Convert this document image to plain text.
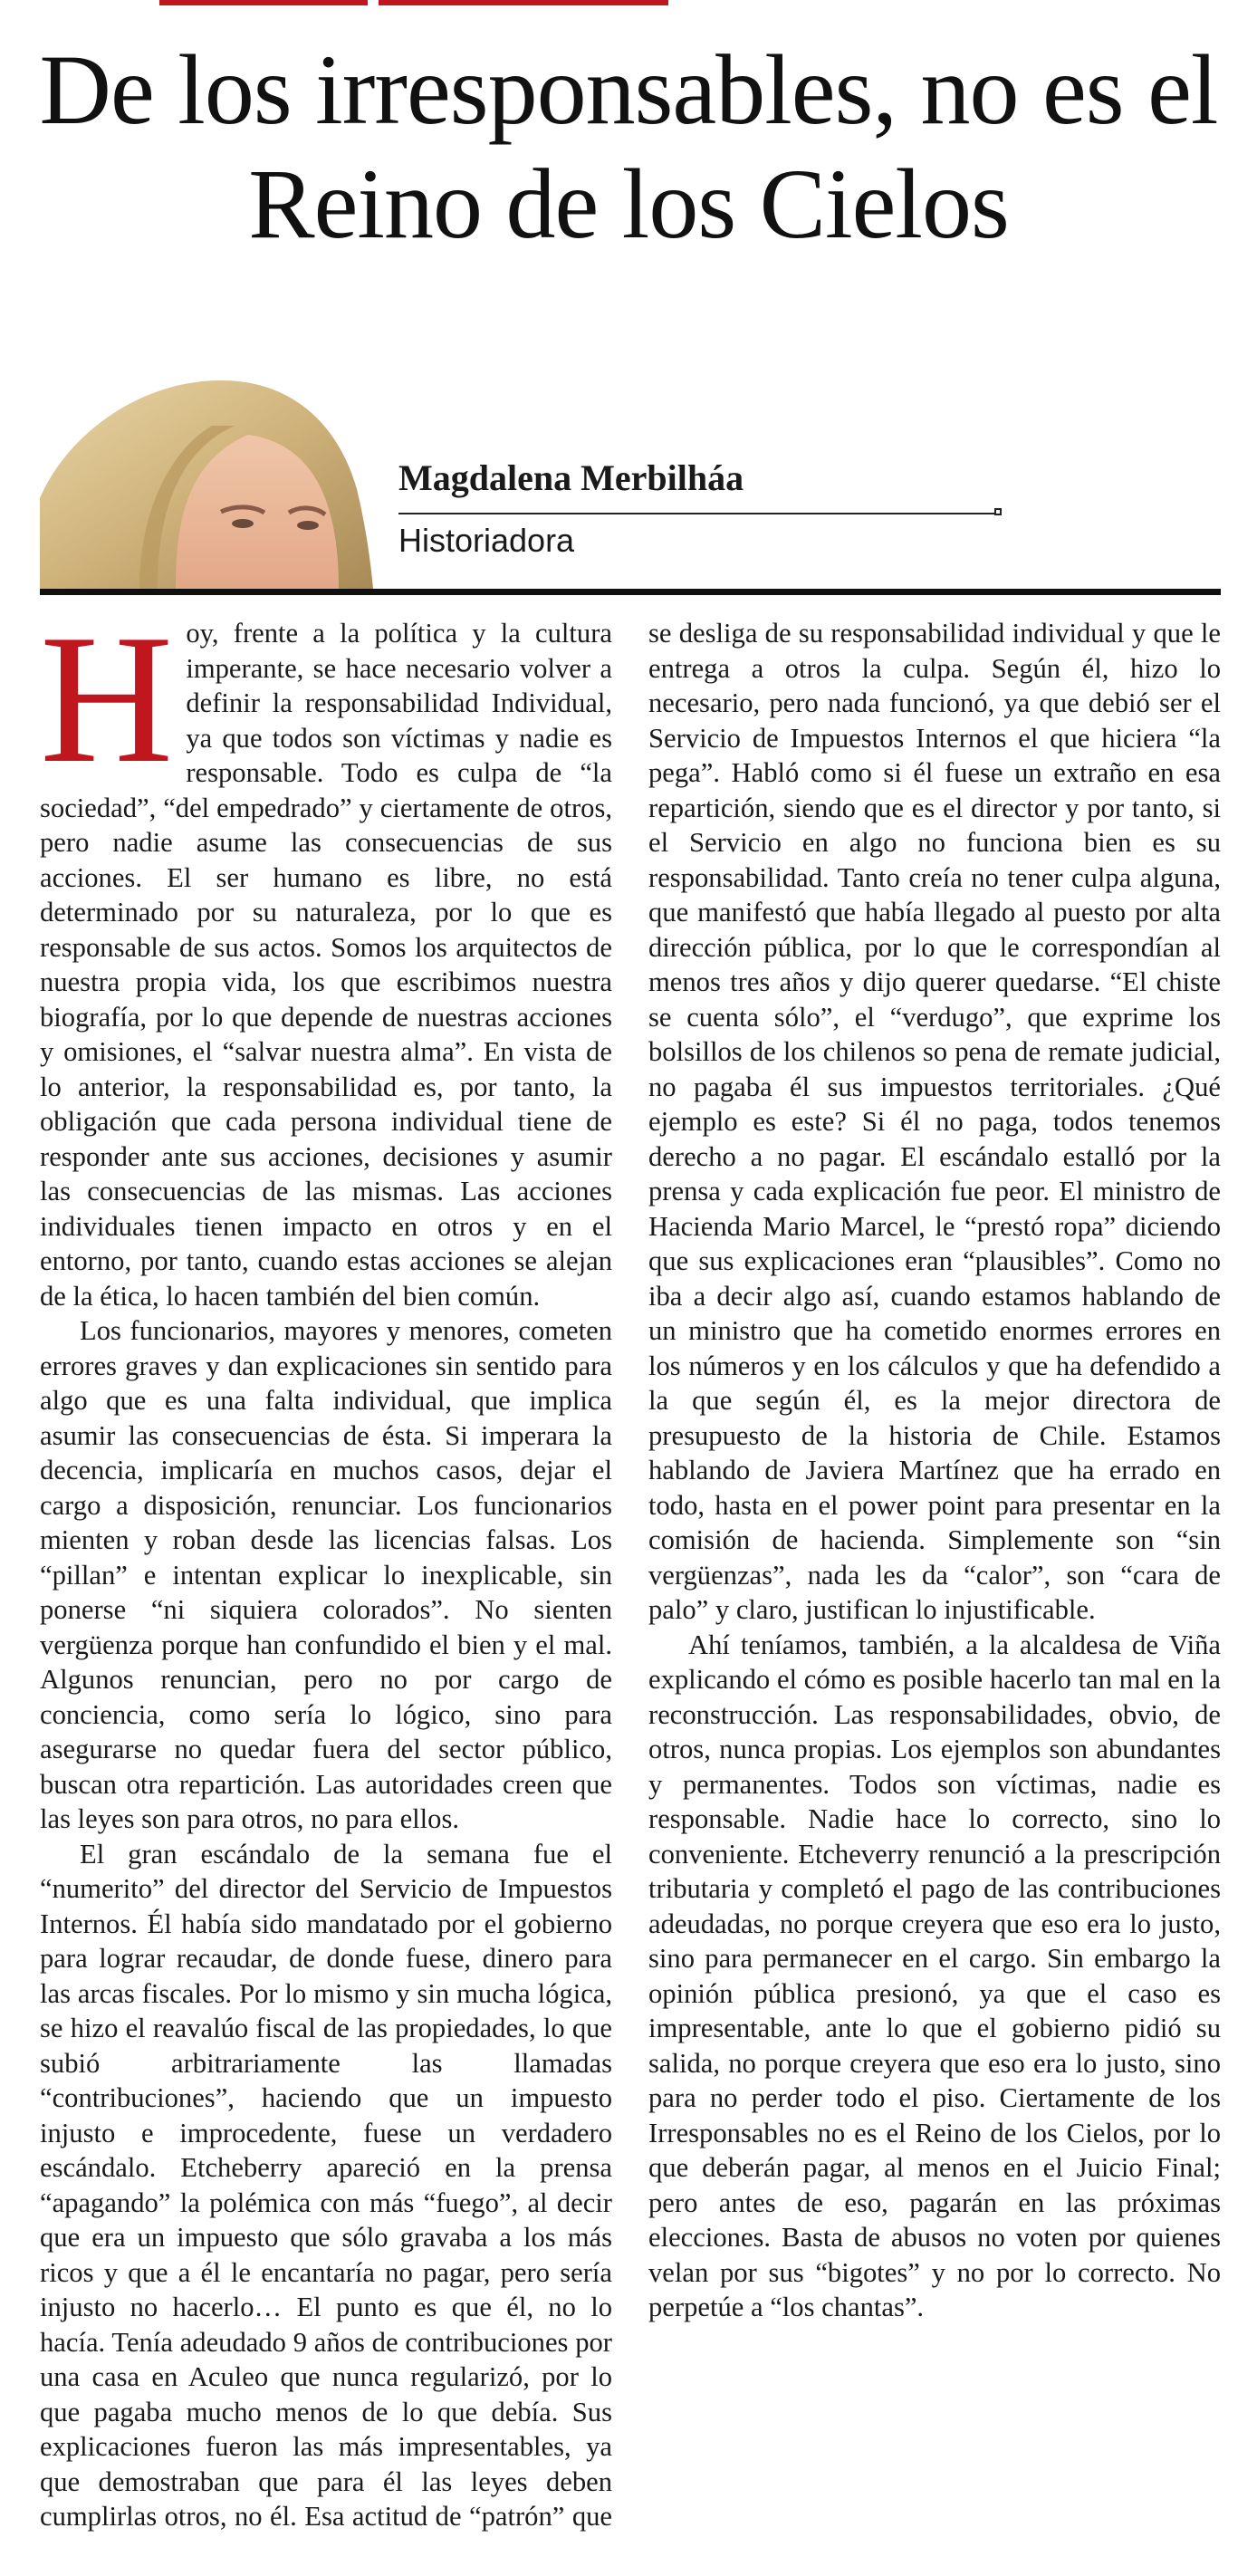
De los irresponsables, no es el Reino de los Cielos
Magdalena Merbilháa
Historiadora

Hoy, frente a la política y la cultura imperante, se hace necesario volver a definir la responsabilidad Individual, ya que todos son víctimas y nadie es responsable. Todo es culpa de “la sociedad”, “del empedrado” y ciertamente de otros, pero nadie asume las consecuencias de sus acciones. El ser humano es libre, no está determinado por su naturaleza, por lo que es responsable de sus actos. Somos los arquitectos de nuestra propia vida, los que escribimos nuestra biografía, por lo que depende de nuestras acciones y omisiones, el “salvar nuestra alma”. En vista de lo anterior, la responsabilidad es, por tanto, la obligación que cada persona individual tiene de responder ante sus acciones, decisiones y asumir las consecuencias de las mismas. Las acciones individuales tienen impacto en otros y en el entorno, por tanto, cuando estas acciones se alejan de la ética, lo hacen también del bien común.

Los funcionarios, mayores y menores, cometen errores graves y dan explicaciones sin sentido para algo que es una falta individual, que implica asumir las consecuencias de ésta. Si imperara la decencia, implicaría en muchos casos, dejar el cargo a disposición, renunciar. Los funcionarios mienten y roban desde las licencias falsas. Los “pillan” e intentan explicar lo inexplicable, sin ponerse “ni siquiera colorados”. No sienten vergüenza porque han confundido el bien y el mal. Algunos renuncian, pero no por cargo de conciencia, como sería lo lógico, sino para asegurarse no quedar fuera del sector público, buscan otra repartición. Las autoridades creen que las leyes son para otros, no para ellos.

El gran escándalo de la semana fue el “numerito” del director del Servicio de Impuestos Internos. Él había sido mandatado por el gobierno para lograr recaudar, de donde fuese, dinero para las arcas fiscales. Por lo mismo y sin mucha lógica, se hizo el reavalúo fiscal de las propiedades, lo que subió arbitrariamente las llamadas “contribuciones”, haciendo que un impuesto injusto e improcedente, fuese un verdadero escándalo. Etcheberry apareció en la prensa “apagando” la polémica con más “fuego”, al decir que era un impuesto que sólo gravaba a los más ricos y que a él le encantaría no pagar, pero sería injusto no hacerlo… El punto es que él, no lo hacía. Tenía adeudado 9 años de contribuciones por una casa en Aculeo que nunca regularizó, por lo que pagaba mucho menos de lo que debía. Sus explicaciones fueron las más impresentables, ya que demostraban que para él las leyes deben cumplirlas otros, no él. Esa actitud de “patrón” que se desliga de su responsabilidad individual y que le entrega a otros la culpa. Según él, hizo lo necesario, pero nada funcionó, ya que debió ser el Servicio de Impuestos Internos el que hiciera “la pega”. Habló como si él fuese un extraño en esa repartición, siendo que es el director y por tanto, si el Servicio en algo no funciona bien es su responsabilidad. Tanto creía no tener culpa alguna, que manifestó que había llegado al puesto por alta dirección pública, por lo que le correspondían al menos tres años y dijo querer quedarse. “El chiste se cuenta sólo”, el “verdugo”, que exprime los bolsillos de los chilenos so pena de remate judicial, no pagaba él sus impuestos territoriales. ¿Qué ejemplo es este? Si él no paga, todos tenemos derecho a no pagar. El escándalo estalló por la prensa y cada explicación fue peor. El ministro de Hacienda Mario Marcel, le “prestó ropa” diciendo que sus explicaciones eran “plausibles”. Como no iba a decir algo así, cuando estamos hablando de un ministro que ha cometido enormes errores en los números y en los cálculos y que ha defendido a la que según él, es la mejor directora de presupuesto de la historia de Chile. Estamos hablando de Javiera Martínez que ha errado en todo, hasta en el power point para presentar en la comisión de hacienda. Simplemente son “sin vergüenzas”, nada les da “calor”, son “cara de palo” y claro, justifican lo injustificable.

Ahí teníamos, también, a la alcaldesa de Viña explicando el cómo es posible hacerlo tan mal en la reconstrucción. Las responsabilidades, obvio, de otros, nunca propias. Los ejemplos son abundantes y permanentes. Todos son víctimas, nadie es responsable. Nadie hace lo correcto, sino lo conveniente. Etcheverry renunció a la prescripción tributaria y completó el pago de las contribuciones adeudadas, no porque creyera que eso era lo justo, sino para permanecer en el cargo. Sin embargo la opinión pública presionó, ya que el caso es impresentable, ante lo que el gobierno pidió su salida, no porque creyera que eso era lo justo, sino para no perder todo el piso. Ciertamente de los Irresponsables no es el Reino de los Cielos, por lo que deberán pagar, al menos en el Juicio Final; pero antes de eso, pagarán en las próximas elecciones. Basta de abusos no voten por quienes velan por sus “bigotes” y no por lo correcto. No perpetúe a “los chantas”.
